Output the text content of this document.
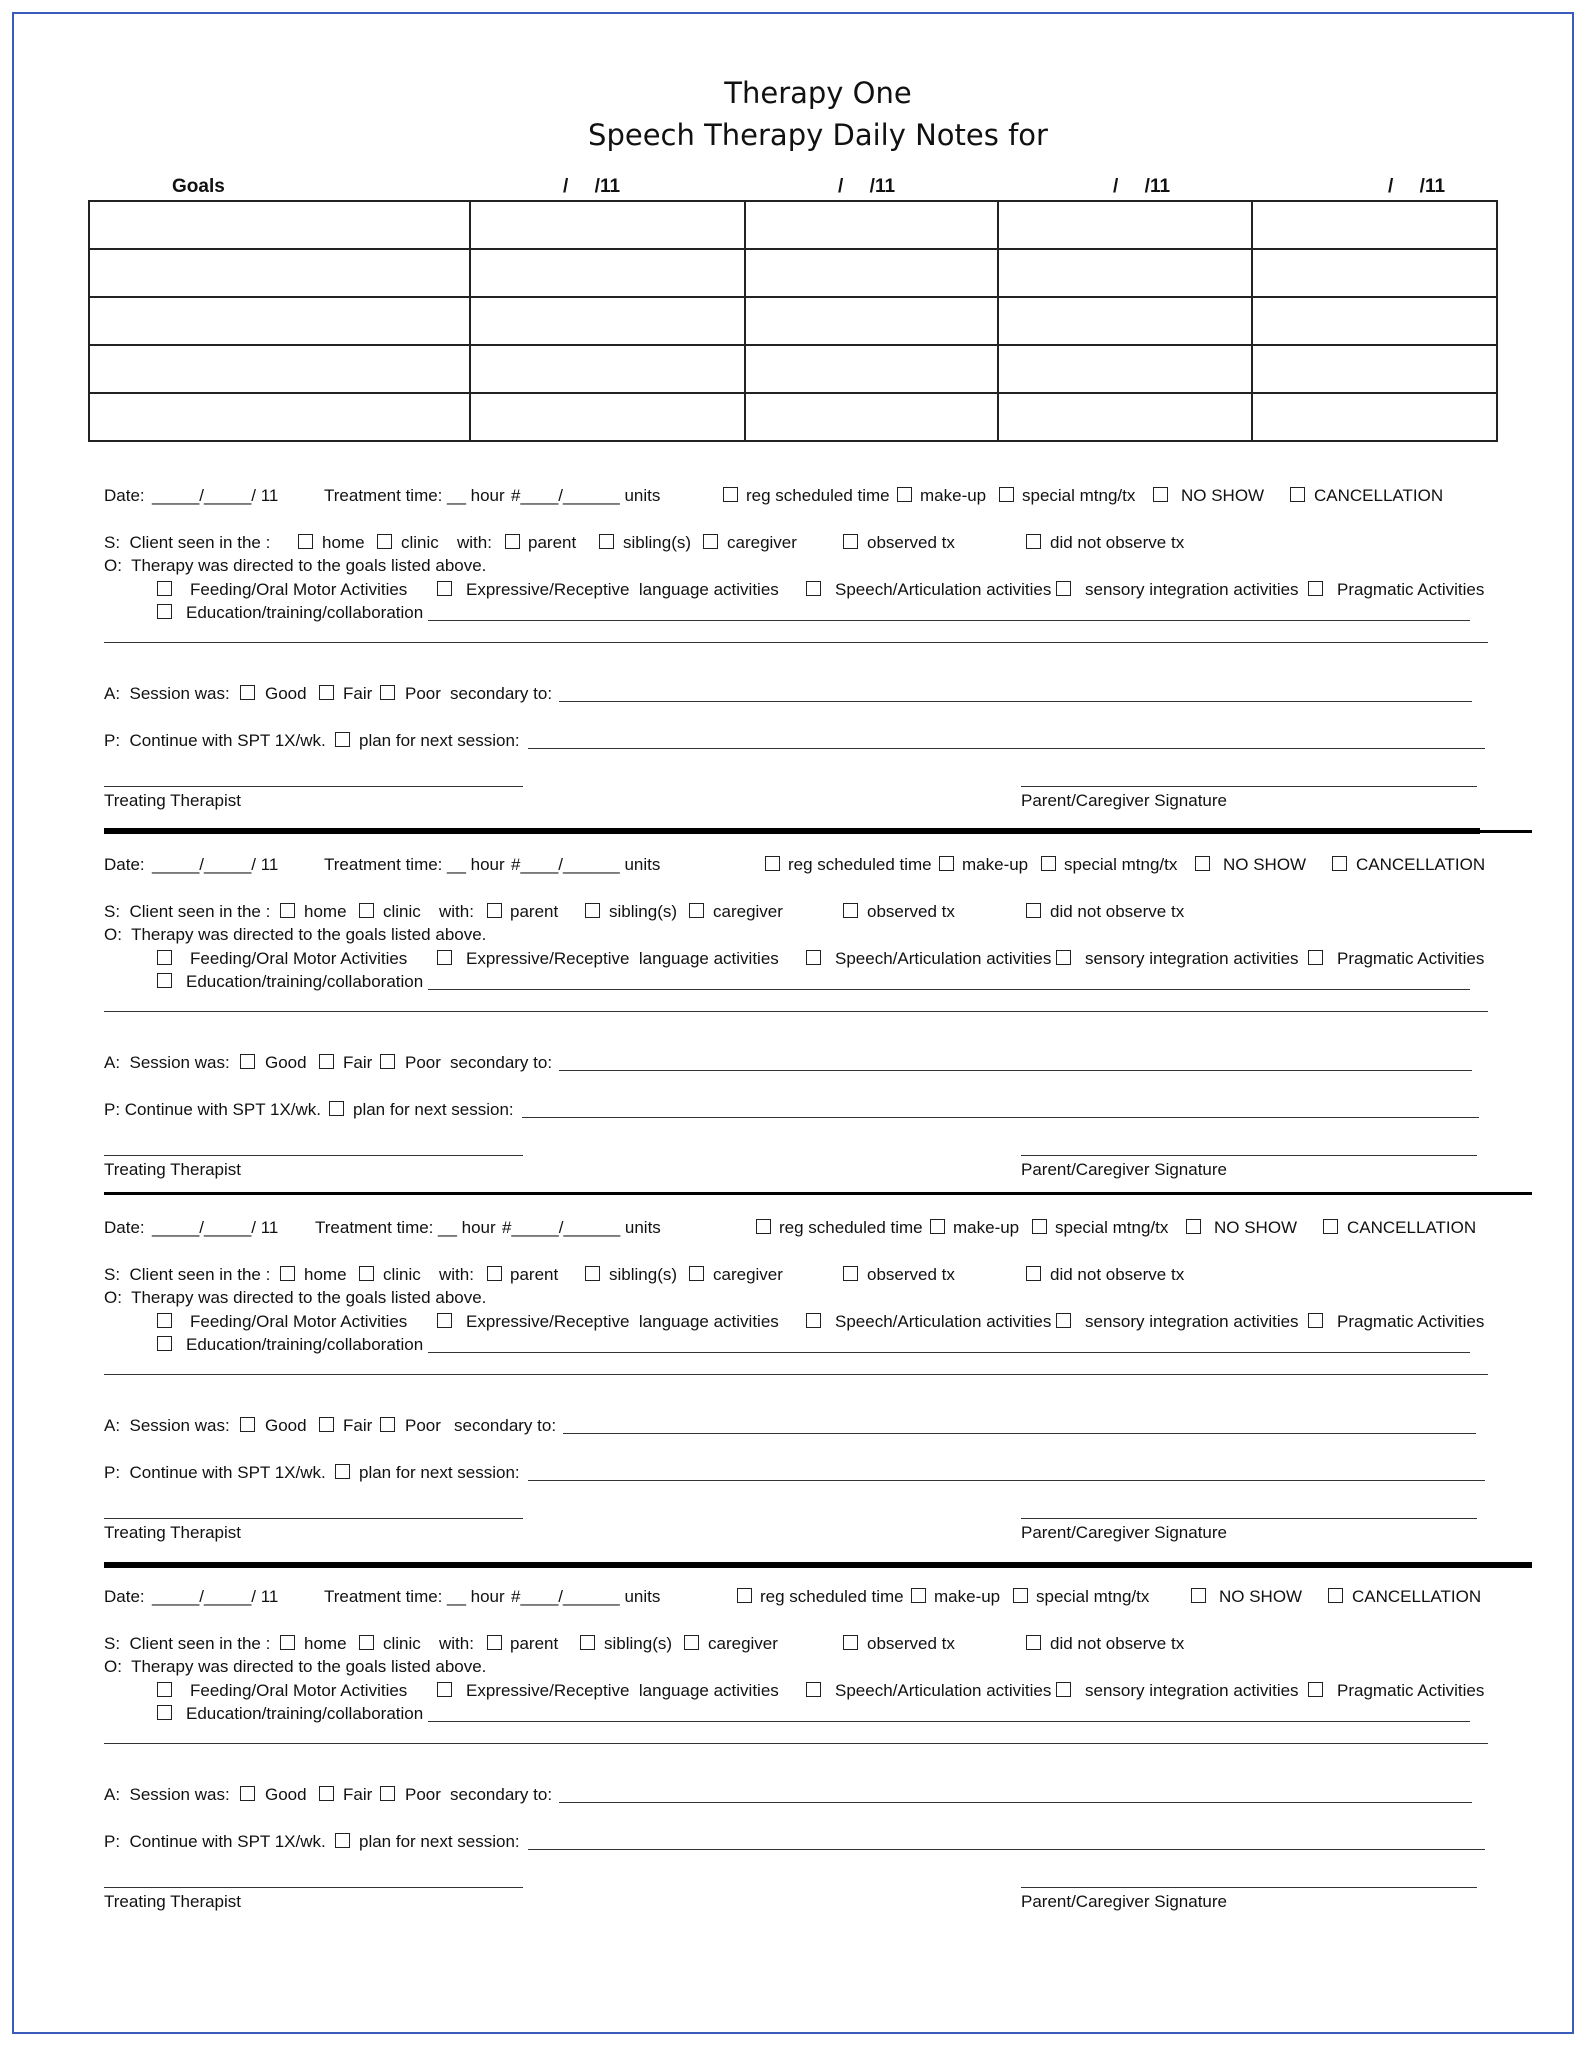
Therapy One
Speech Therapy Daily Notes for
Goals	/     /11	/     /11	/     /11	/     /11

Date: _____/_____/ 11	Treatment time: __ hour #____/______ units	reg scheduled time make-up special mtng/tx	NO SHOW	CANCELLATION
S:  Client seen in the :	home clinic with: parent	sibling(s) caregiver	observed tx	did not observe tx
O:  Therapy was directed to the goals listed above.
Feeding/Oral Motor Activities	Expressive/Receptive  language activities	Speech/Articulation activities sensory integration activities Pragmatic Activities
Education/training/collaboration
A:  Session was: Good Fair Poor secondary to:
P:  Continue with SPT 1X/wk. plan for next session:
Treating Therapist	Parent/Caregiver Signature
Date: _____/_____/ 11	Treatment time: __ hour #____/______ units	reg scheduled time make-up special mtng/tx	NO SHOW	CANCELLATION
S:  Client seen in the : home clinic with: parent	sibling(s) caregiver	observed tx	did not observe tx
O:  Therapy was directed to the goals listed above.
Feeding/Oral Motor Activities	Expressive/Receptive  language activities	Speech/Articulation activities sensory integration activities Pragmatic Activities
Education/training/collaboration
A:  Session was: Good Fair Poor secondary to:
P: Continue with SPT 1X/wk. plan for next session:
Treating Therapist	Parent/Caregiver Signature
Date: _____/_____/ 11 Treatment time: __ hour #_____/______ units	reg scheduled time make-up special mtng/tx	NO SHOW	CANCELLATION
S:  Client seen in the : home clinic with: parent	sibling(s) caregiver	observed tx	did not observe tx
O:  Therapy was directed to the goals listed above.
Feeding/Oral Motor Activities	Expressive/Receptive  language activities	Speech/Articulation activities sensory integration activities Pragmatic Activities
Education/training/collaboration
A:  Session was: Good Fair Poor secondary to:
P:  Continue with SPT 1X/wk. plan for next session:
Treating Therapist	Parent/Caregiver Signature
Date: _____/_____/ 11	Treatment time: __ hour #____/______ units	reg scheduled time make-up special mtng/tx	NO SHOW	CANCELLATION
S:  Client seen in the : home clinic with: parent	sibling(s) caregiver	observed tx	did not observe tx
O:  Therapy was directed to the goals listed above.
Feeding/Oral Motor Activities	Expressive/Receptive  language activities	Speech/Articulation activities sensory integration activities Pragmatic Activities
Education/training/collaboration
A:  Session was: Good Fair Poor secondary to:
P:  Continue with SPT 1X/wk. plan for next session:
Treating Therapist	Parent/Caregiver Signature
